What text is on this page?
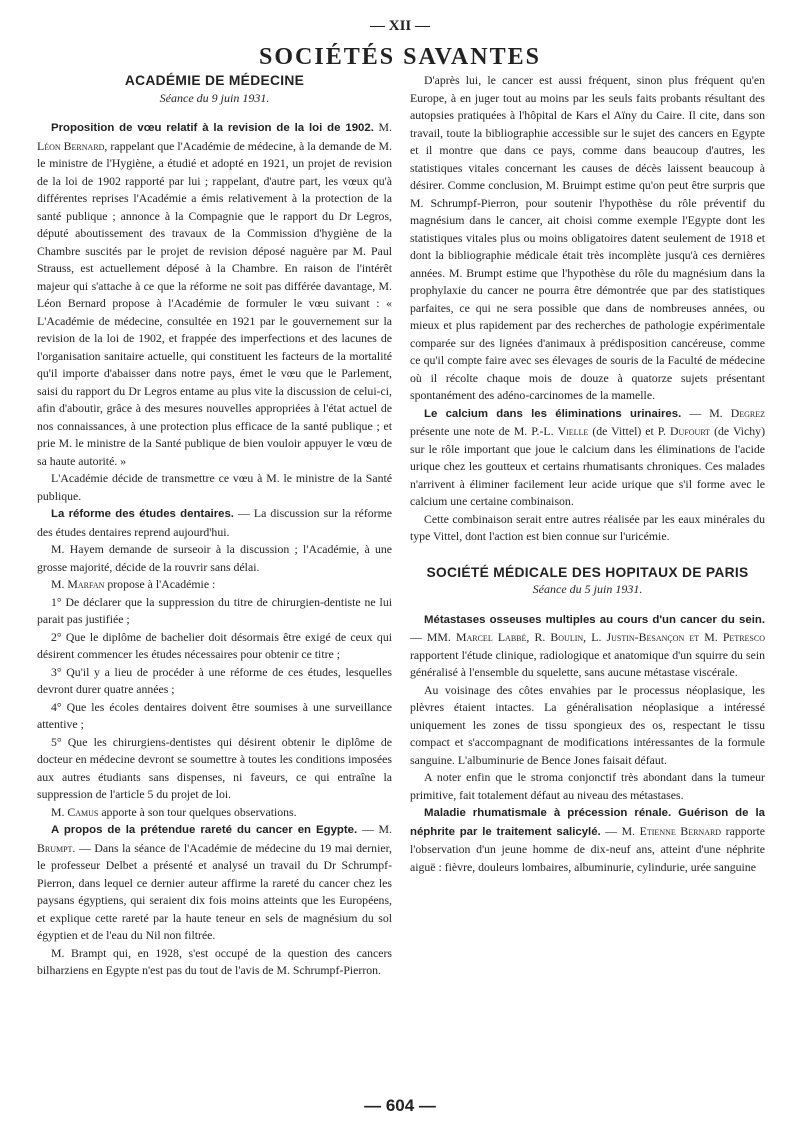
— XII —
SOCIÉTÉS SAVANTES
ACADÉMIE DE MÉDECINE
Séance du 9 juin 1931.

Proposition de vœu relatif à la revision de la loi de 1902. M. Léon Bernard, rappelant que l'Académie de médecine, à la demande de M. le ministre de l'Hygiène, a étudié et adopté en 1921, un projet de revision de la loi de 1902 rapporté par lui ; rappelant, d'autre part, les vœux qu'à différentes reprises l'Académie a émis relativement à la protection de la santé publique ; annonce à la Compagnie que le rapport du Dr Legros, député aboutissement des travaux de la Commission d'hygiène de la Chambre suscités par le projet de revision déposé naguère par M. Paul Strauss, est actuellement déposé à la Chambre. En raison de l'intérêt majeur qui s'attache à ce que la réforme ne soit pas différée davantage, M. Léon Bernard propose à l'Académie de formuler le vœu suivant : « L'Académie de médecine, consultée en 1921 par le gouvernement sur la revision de la loi de 1902, et frappée des imperfections et des lacunes de l'organisation sanitaire actuelle, qui constituent les facteurs de la mortalité qu'il importe d'abaisser dans notre pays, émet le vœu que le Parlement, saisi du rapport du Dr Legros entame au plus vite la discussion de celui-ci, afin d'aboutir, grâce à des mesures nouvelles appropriées à l'état actuel de nos connaissances, à une protection plus efficace de la santé publique ; et prie M. le ministre de la Santé publique de bien vouloir appuyer le vœu de sa haute autorité. »

L'Académie décide de transmettre ce vœu à M. le ministre de la Santé publique.

La réforme des études dentaires. — La discussion sur la réforme des études dentaires reprend aujourd'hui.

M. Hayem demande de surseoir à la discussion ; l'Académie, à une grosse majorité, décide de la rouvrir sans délai.

M. Marfan propose à l'Académie :

1° De déclarer que la suppression du titre de chirurgien-dentiste ne lui parait pas justifiée ;

2° Que le diplôme de bachelier doit désormais être exigé de ceux qui désirent commencer les études nécessaires pour obtenir ce titre ;

3° Qu'il y a lieu de procéder à une réforme de ces études, lesquelles devront durer quatre années ;

4° Que les écoles dentaires doivent être soumises à une surveillance attentive ;

5° Que les chirurgiens-dentistes qui désirent obtenir le diplôme de docteur en médecine devront se soumettre à toutes les conditions imposées aux autres étudiants sans dispenses, ni faveurs, ce qui entraîne la suppression de l'article 5 du projet de loi.

M. Camus apporte à son tour quelques observations.

A propos de la prétendue rareté du cancer en Egypte. — M. Brumpt. — Dans la séance de l'Académie de médecine du 19 mai dernier, le professeur Delbet a présenté et analysé un travail du Dr Schrumpf-Pierron, dans lequel ce dernier auteur affirme la rareté du cancer chez les paysans égyptiens, qui seraient dix fois moins atteints que les Européens, et explique cette rareté par la haute teneur en sels de magnésium du sol égyptien et de l'eau du Nil non filtrée.

M. Brampt qui, en 1928, s'est occupé de la question des cancers bilharziens en Egypte n'est pas du tout de l'avis de M. Schrumpf-Pierron.

D'après lui, le cancer est aussi fréquent, sinon plus fréquent qu'en Europe, à en juger tout au moins par les seuls faits probants résultant des autopsies pratiquées à l'hôpital de Kars el Aïny du Caire. Il cite, dans son travail, toute la bibliographie accessible sur le sujet des cancers en Egypte et il montre que dans ce pays, comme dans beaucoup d'autres, les statistiques vitales concernant les causes de décès laissent beaucoup à désirer. Comme conclusion, M. Bruimpt estime qu'on peut être surpris que M. Schrumpf-Pierron, pour soutenir l'hypothèse du rôle préventif du magnésium dans le cancer, ait choisi comme exemple l'Egypte dont les statistiques vitales plus ou moins obligatoires datent seulement de 1918 et dont la bibliographie médicale était très incomplète jusqu'à ces dernières années. M. Brumpt estime que l'hypothèse du rôle du magnésium dans la prophylaxie du cancer ne pourra être démontrée que par des statistiques parfaites, ce qui ne sera possible que dans de nombreuses années, ou mieux et plus rapidement par des recherches de pathologie expérimentale comparée sur des lignées d'animaux à prédisposition cancéreuse, comme ce qu'il compte faire avec ses élevages de souris de la Faculté de médecine où il récolte chaque mois de douze à quatorze sujets présentant spontanément des adéno-carcinomes de la mamelle.

Le calcium dans les éliminations urinaires. — M. Degrez présente une note de M. P.-L. Vielle (de Vittel) et P. Dufourt (de Vichy) sur le rôle important que joue le calcium dans les éliminations de l'acide urique chez les goutteux et certains rhumatisants chroniques. Ces malades n'arrivent à éliminer facilement leur acide urique que s'il forme avec le calcium une certaine combinaison.

Cette combinaison serait entre autres réalisée par les eaux minérales du type Vittel, dont l'action est bien connue sur l'uricémie.

SOCIÉTÉ MÉDICALE DES HOPITAUX DE PARIS
Séance du 5 juin 1931.

Métastases osseuses multiples au cours d'un cancer du sein. — MM. Marcel Labbé, R. Boulin, L. Justin-Besançon et M. Petresco rapportent l'étude clinique, radiologique et anatomique d'un squirre du sein généralisé à l'ensemble du squelette, sans aucune métastase viscérale.

Au voisinage des côtes envahies par le processus néoplasique, les plèvres étaient intactes. La généralisation néoplasique a intéressé uniquement les zones de tissu spongieux des os, respectant le tissu compact et s'accompagnant de modifications intéressantes de la formule sanguine. L'albuminurie de Bence Jones faisait défaut.

A noter enfin que le stroma conjonctif très abondant dans la tumeur primitive, fait totalement défaut au niveau des métastases.

Maladie rhumatismale à précession rénale. Guérison de la néphrite par le traitement salicylé. — M. Etienne Bernard rapporte l'observation d'un jeune homme de dix-neuf ans, atteint d'une néphrite aiguë : fièvre, douleurs lombaires, albuminurie, cylindurie, urée sanguine

— 604 —
